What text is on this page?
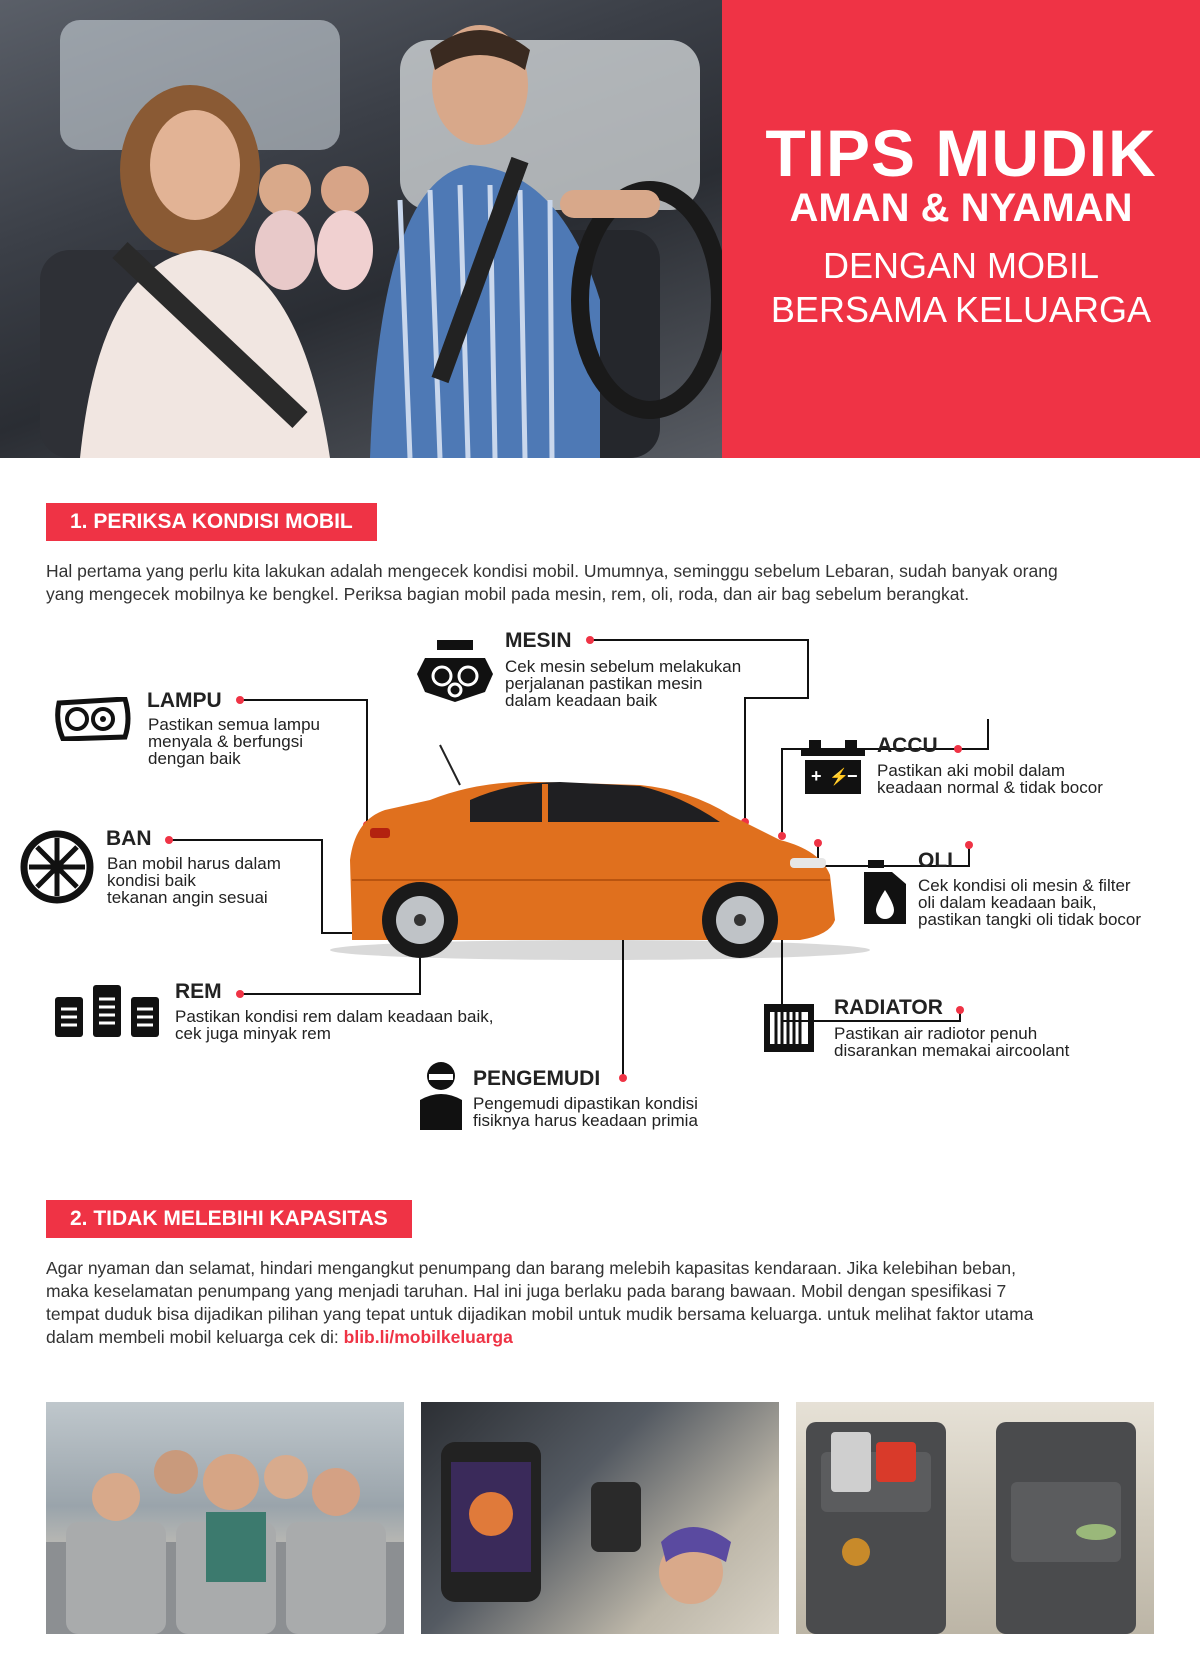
TIPS MUDIK
AMAN & NYAMAN
DENGAN MOBIL
BERSAMA KELUARGA
1. PERIKSA KONDISI MOBIL
Hal pertama yang perlu kita lakukan adalah mengecek kondisi mobil. Umumnya, seminggu sebelum Lebaran, sudah banyak orang
yang mengecek mobilnya ke bengkel. Periksa bagian mobil pada mesin, rem, oli, roda, dan air bag sebelum berangkat.
MESIN
Cek mesin sebelum melakukan
perjalanan pastikan mesin
dalam keadaan baik
LAMPU
Pastikan semua lampu
menyala & berfungsi
dengan baik
+ ⚡
−
ACCU
Pastikan aki mobil dalam
keadaan normal & tidak bocor
BAN
Ban mobil harus dalam
kondisi baik
tekanan angin sesuai
OLI
Cek kondisi oli mesin & filter
oli dalam keadaan baik,
pastikan tangki oli tidak bocor
REM
Pastikan kondisi rem dalam keadaan baik,
cek juga minyak rem
RADIATOR
Pastikan air radiotor penuh
disarankan memakai aircoolant
PENGEMUDI
Pengemudi dipastikan kondisi
fisiknya harus keadaan primia
2. TIDAK MELEBIHI KAPASITAS
Agar nyaman dan selamat, hindari mengangkut penumpang dan barang melebih kapasitas kendaraan. Jika kelebihan beban,
maka keselamatan penumpang yang menjadi taruhan. Hal ini juga berlaku pada barang bawaan. Mobil dengan spesifikasi 7
tempat duduk bisa dijadikan pilihan yang tepat untuk dijadikan mobil untuk mudik bersama keluarga. untuk melihat faktor utama
dalam membeli mobil keluarga cek di: blib.li/mobilkeluarga
